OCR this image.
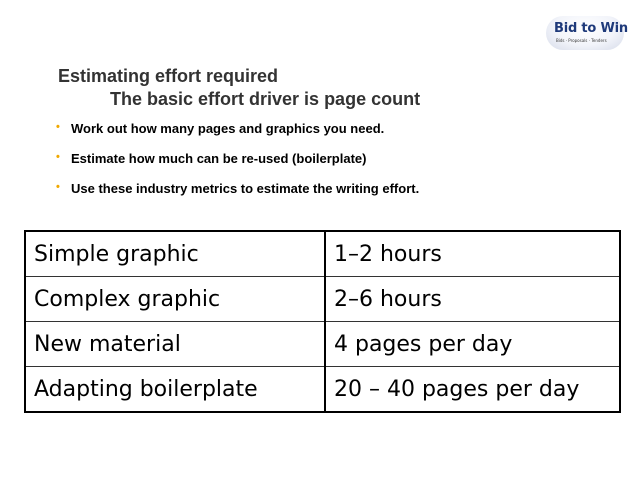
Bid to Win
Bids · Proposals · Tenders
Estimating effort required
The basic effort driver is page count
• Work out how many pages and graphics you need.
• Estimate how much can be re-used (boilerplate)
• Use these industry metrics to estimate the writing effort.
Simple graphic	1–2 hours
Complex graphic	2–6 hours
New material	4 pages per day
Adapting boilerplate	20 – 40 pages per day
